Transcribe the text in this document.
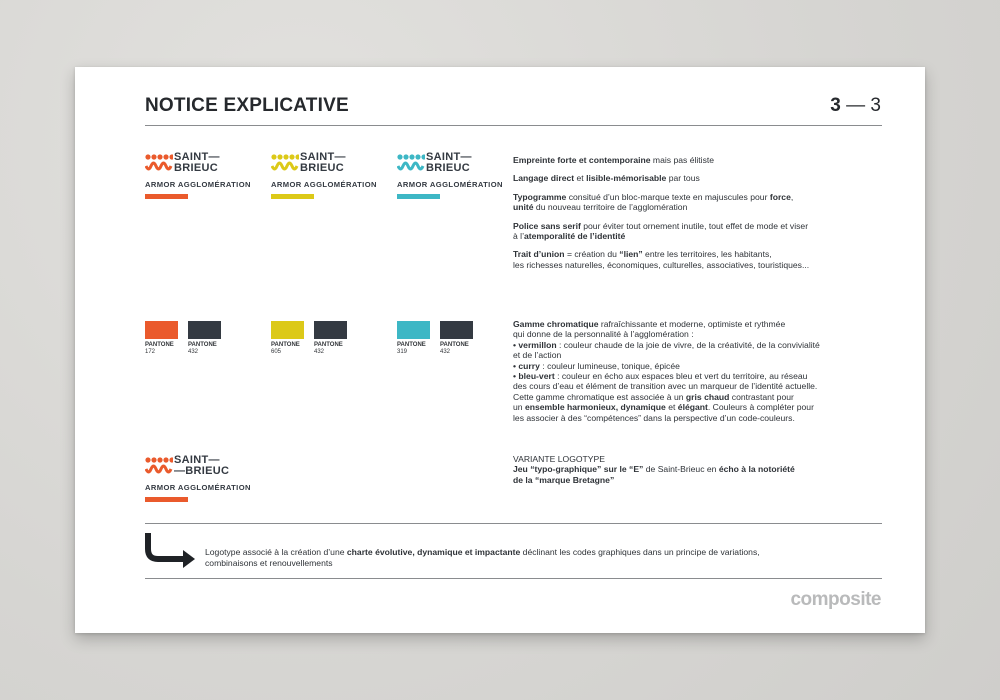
NOTICE EXPLICATIVE	3 — 3
SAINT—
BRIEUC
ARMOR AGGLOMÉRATION
SAINT—
BRIEUC
ARMOR AGGLOMÉRATION
SAINT—
BRIEUC
ARMOR AGGLOMÉRATION
PANTONE
172
PANTONE
432
PANTONE
605
PANTONE
432
PANTONE
319
PANTONE
432
SAINT—
—BRIEUC
ARMOR AGGLOMÉRATION

Empreinte forte et contemporaine mais pas élitiste

Langage direct et lisible-mémorisable par tous

Typogramme consitué d’un bloc-marque texte en majuscules pour force,
unité du nouveau territoire de l’agglomération

Police sans serif pour éviter tout ornement inutile, tout effet de mode et viser
à l’atemporalité de l’identité

Trait d’union = création du “lien” entre les territoires, les habitants,
les richesses naturelles, économiques, culturelles, associatives, touristiques...

Gamme chromatique rafraîchissante et moderne, optimiste et rythmée
qui donne de la personnalité à l’agglomération :
• vermillon : couleur chaude de la joie de vivre, de la créativité, de la convivialité
et de l’action
• curry : couleur lumineuse, tonique, épicée
• bleu-vert : couleur en écho aux espaces bleu et vert du territoire, au réseau
des cours d’eau et élément de transition avec un marqueur de l’identité actuelle.
Cette gamme chromatique est associée à un gris chaud contrastant pour
un ensemble harmonieux, dynamique et élégant. Couleurs à compléter pour
les associer à des “compétences” dans la perspective d’un code-couleurs.

VARIANTE LOGOTYPE

Jeu “typo-graphique” sur le “E” de Saint-Brieuc en écho à la notoriété
de la “marque Bretagne”

Logotype associé à la création d’une charte évolutive, dynamique et impactante déclinant les codes graphiques dans un principe de variations,
combinaisons et renouvellements
composite
